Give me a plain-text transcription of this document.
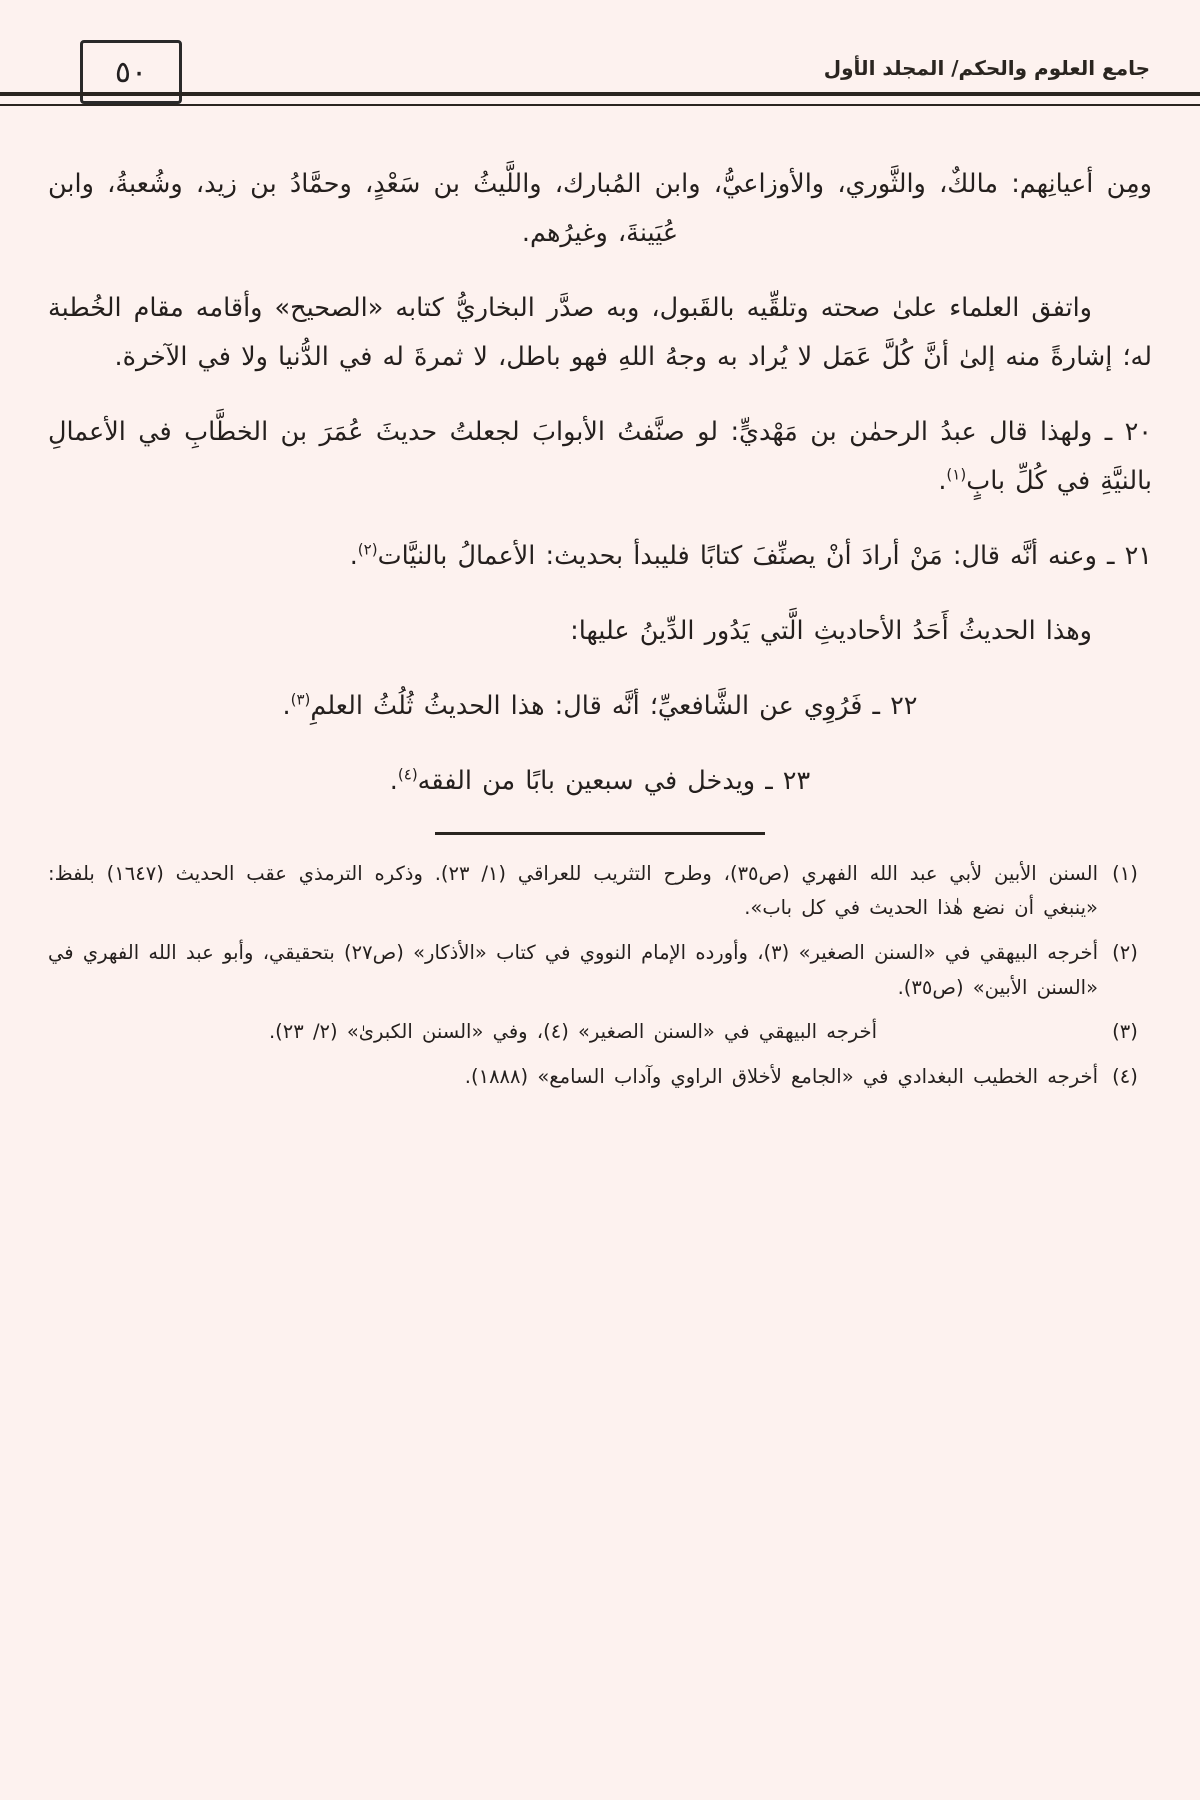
جامع العلوم والحكم/ المجلد الأول
٥٠

ومِن أعيانِهم: مالكٌ، والثَّوري، والأوزاعيُّ، وابن المُبارك، واللَّيثُ بن سَعْدٍ، وحمَّادُ بن زيد، وشُعبةُ، وابن عُيَينةَ، وغيرُهم.

واتفق العلماء علىٰ صحته وتلقِّيه بالقَبول، وبه صدَّر البخاريُّ كتابه «الصحيح» وأقامه مقام الخُطبة له؛ إشارةً منه إلىٰ أنَّ كُلَّ عَمَل لا يُراد به وجهُ اللهِ فهو باطل، لا ثمرةَ له في الدُّنيا ولا في الآخرة.

٢٠ ـ ولهذا قال عبدُ الرحمٰن بن مَهْديٍّ: لو صنَّفتُ الأبوابَ لجعلتُ حديثَ عُمَرَ بن الخطَّابِ في الأعمالِ بالنيَّةِ في كُلِّ بابٍ$^{(١)}$.

٢١ ـ وعنه أنَّه قال: مَنْ أرادَ أنْ يصنِّفَ كتابًا فليبدأ بحديث: الأعمالُ بالنيَّات$^{(٢)}$.

وهذا الحديثُ أَحَدُ الأحاديثِ الَّتي يَدُور الدِّينُ عليها:

٢٢ ـ فَرُوِي عن الشَّافعيِّ؛ أنَّه قال: هذا الحديثُ ثُلُثُ العلمِ$^{(٣)}$.

٢٣ ـ ويدخل في سبعين بابًا من الفقه$^{(٤)}$.

(١)
السنن الأبين لأبي عبد الله الفهري (ص٣٥)، وطرح التثريب للعراقي (١/ ٢٣). وذكره الترمذي عقب الحديث (١٦٤٧) بلفظ: «ينبغي أن نضع هٰذا الحديث في كل باب».
(٢)
أخرجه البيهقي في «السنن الصغير» (٣)، وأورده الإمام النووي في كتاب «الأذكار» (ص٢٧) بتحقيقي، وأبو عبد الله الفهري في «السنن الأبين» (ص٣٥).
(٣)
أخرجه البيهقي في «السنن الصغير» (٤)، وفي «السنن الكبرىٰ» (٢/ ٢٣).
(٤)
أخرجه الخطيب البغدادي في «الجامع لأخلاق الراوي وآداب السامع» (١٨٨٨).
